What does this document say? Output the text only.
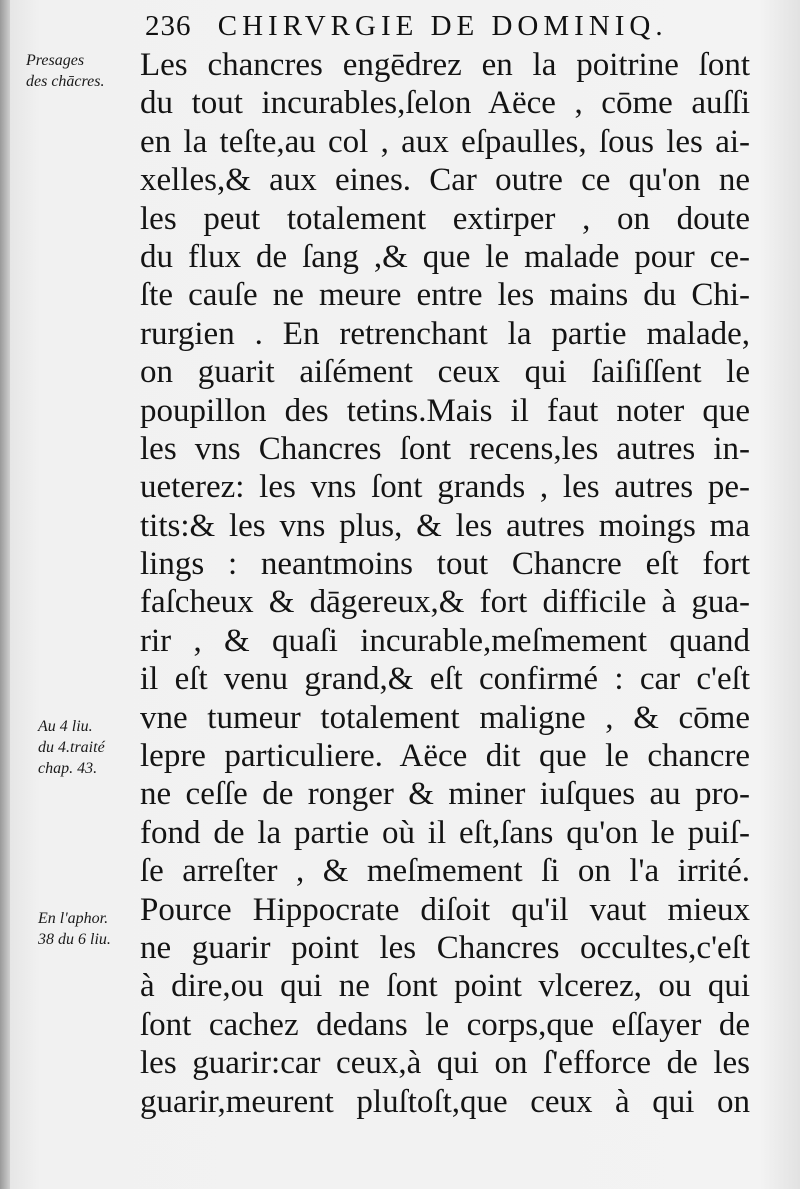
236 CHIRVRGIE DE DOMINIQ.
Presages
des chācres.
Au 4 liu.
du 4.traité
chap. 43.
En l'aphor.
38 du 6 liu.
Les chancres engēdrez en la poitrine ſont
du tout incurables,ſelon Aëce , cōme auſſi
en la teſte,au col , aux eſpaulles, ſous les ai-
xelles,& aux eines. Car outre ce qu'on ne
les peut totalement extirper , on doute
du flux de ſang ,& que le malade pour ce-
ſte cauſe ne meure entre les mains du Chi-
rurgien . En retrenchant la partie malade,
on guarit aiſément ceux qui ſaiſiſſent le
poupillon des tetins.Mais il faut noter que
les vns Chancres ſont recens,les autres in-
ueterez: les vns ſont grands , les autres pe-
tits:& les vns plus, & les autres moings ma
lings : neantmoins tout Chancre eſt fort
faſcheux & dāgereux,& fort difficile à gua-
rir , & quaſi incurable,meſmement quand
il eſt venu grand,& eſt confirmé : car c'eſt
vne tumeur totalement maligne , & cōme
lepre particuliere. Aëce dit que le chancre
ne ceſſe de ronger & miner iuſques au pro-
fond de la partie où il eſt,ſans qu'on le puiſ-
ſe arreſter , & meſmement ſi on l'a irrité.
Pource Hippocrate diſoit qu'il vaut mieux
ne guarir point les Chancres occultes,c'eſt
à dire,ou qui ne ſont point vlcerez, ou qui
ſont cachez dedans le corps,que eſſayer de
les guarir:car ceux,à qui on ſ'efforce de les
guarir,meurent pluſtoſt,que ceux à qui on
